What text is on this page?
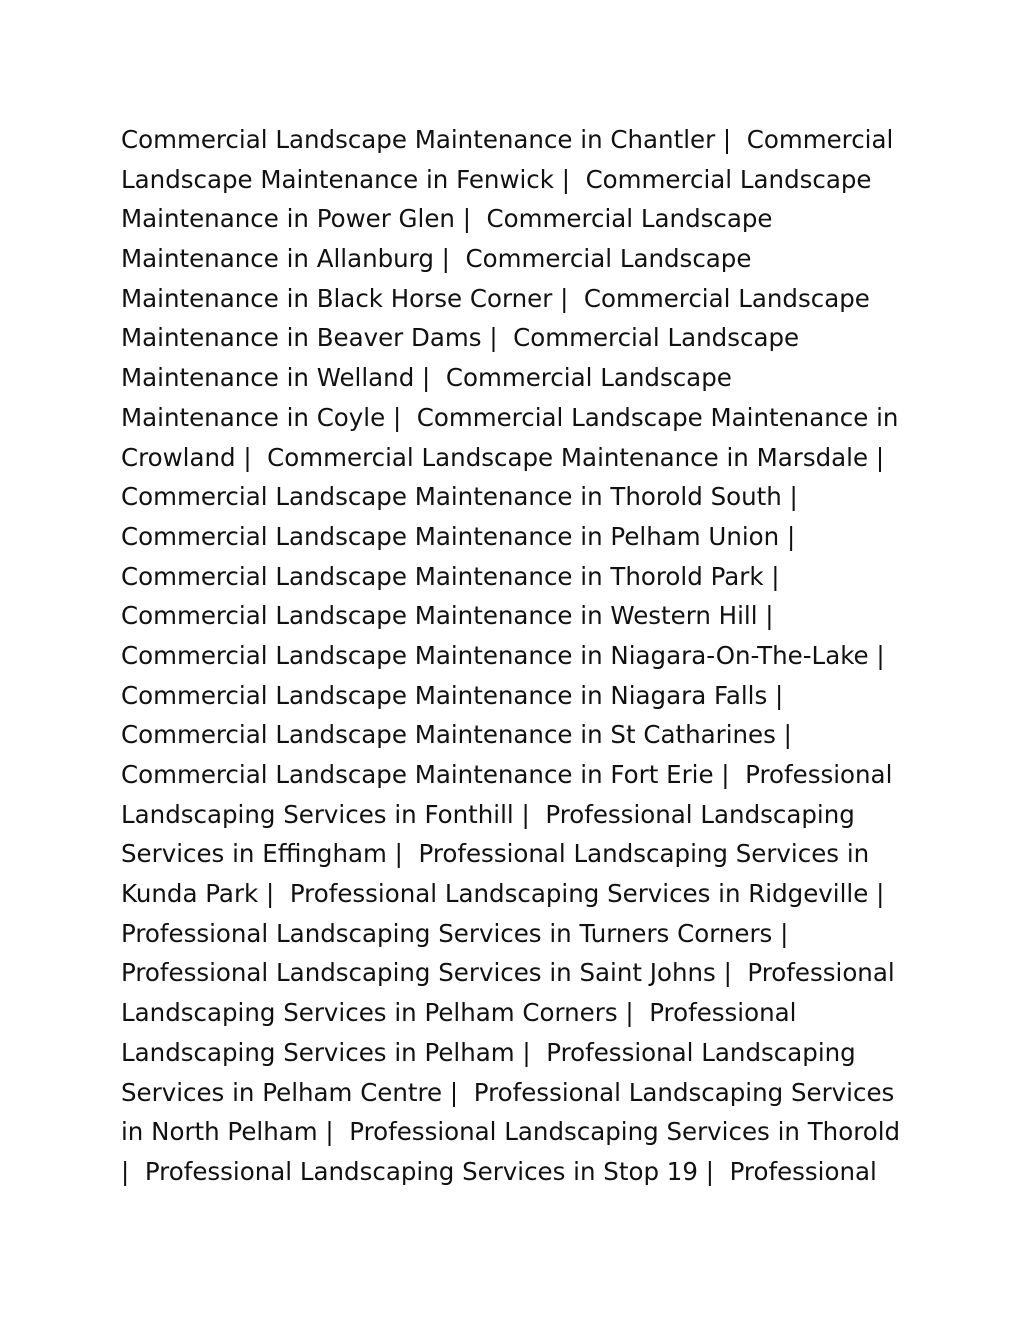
Commercial Landscape Maintenance in Chantler |  Commercial
Landscape Maintenance in Fenwick |  Commercial Landscape
Maintenance in Power Glen |  Commercial Landscape
Maintenance in Allanburg |  Commercial Landscape
Maintenance in Black Horse Corner |  Commercial Landscape
Maintenance in Beaver Dams |  Commercial Landscape
Maintenance in Welland |  Commercial Landscape
Maintenance in Coyle |  Commercial Landscape Maintenance in
Crowland |  Commercial Landscape Maintenance in Marsdale |
Commercial Landscape Maintenance in Thorold South |
Commercial Landscape Maintenance in Pelham Union |
Commercial Landscape Maintenance in Thorold Park |
Commercial Landscape Maintenance in Western Hill |
Commercial Landscape Maintenance in Niagara-On-The-Lake |
Commercial Landscape Maintenance in Niagara Falls |
Commercial Landscape Maintenance in St Catharines |
Commercial Landscape Maintenance in Fort Erie |  Professional
Landscaping Services in Fonthill |  Professional Landscaping
Services in Effingham |  Professional Landscaping Services in
Kunda Park |  Professional Landscaping Services in Ridgeville |
Professional Landscaping Services in Turners Corners |
Professional Landscaping Services in Saint Johns |  Professional
Landscaping Services in Pelham Corners |  Professional
Landscaping Services in Pelham |  Professional Landscaping
Services in Pelham Centre |  Professional Landscaping Services
in North Pelham |  Professional Landscaping Services in Thorold
|  Professional Landscaping Services in Stop 19 |  Professional
